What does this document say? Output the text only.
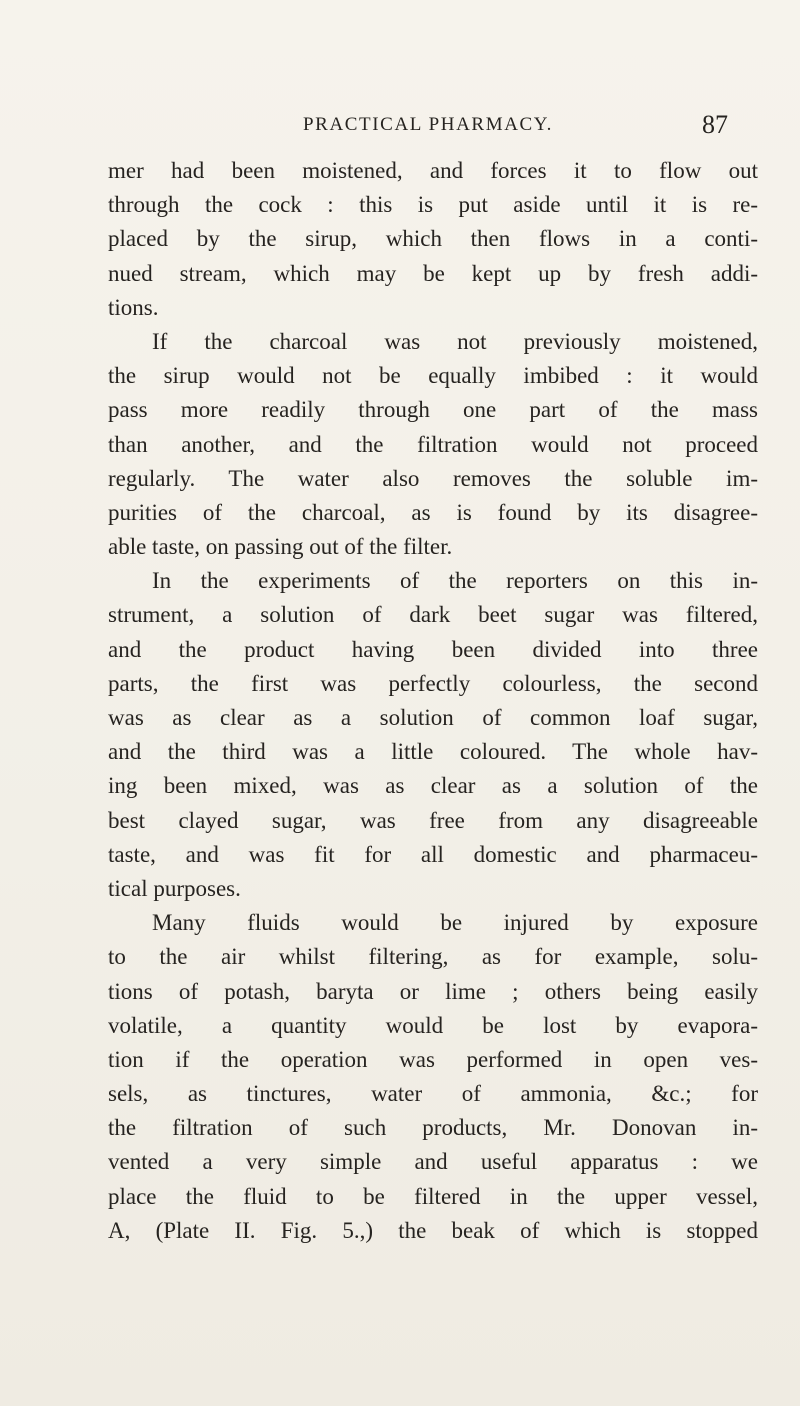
PRACTICAL PHARMACY.	87
mer had been moistened, and forces it to flow out
through the cock : this is put aside until it is re-
placed by the sirup, which then flows in a conti-
nued stream, which may be kept up by fresh addi-
tions.
If the charcoal was not previously moistened,
the sirup would not be equally imbibed : it would
pass more readily through one part of the mass
than another, and the filtration would not proceed
regularly. The water also removes the soluble im-
purities of the charcoal, as is found by its disagree-
able taste, on passing out of the filter.
In the experiments of the reporters on this in-
strument, a solution of dark beet sugar was filtered,
and the product having been divided into three
parts, the first was perfectly colourless, the second
was as clear as a solution of common loaf sugar,
and the third was a little coloured. The whole hav-
ing been mixed, was as clear as a solution of the
best clayed sugar, was free from any disagreeable
taste, and was fit for all domestic and pharmaceu-
tical purposes.
Many fluids would be injured by exposure
to the air whilst filtering, as for example, solu-
tions of potash, baryta or lime ; others being easily
volatile, a quantity would be lost by evapora-
tion if the operation was performed in open ves-
sels, as tinctures, water of ammonia, &c.; for
the filtration of such products, Mr. Donovan in-
vented a very simple and useful apparatus : we
place the fluid to be filtered in the upper vessel,
A, (Plate II. Fig. 5.,) the beak of which is stopped
